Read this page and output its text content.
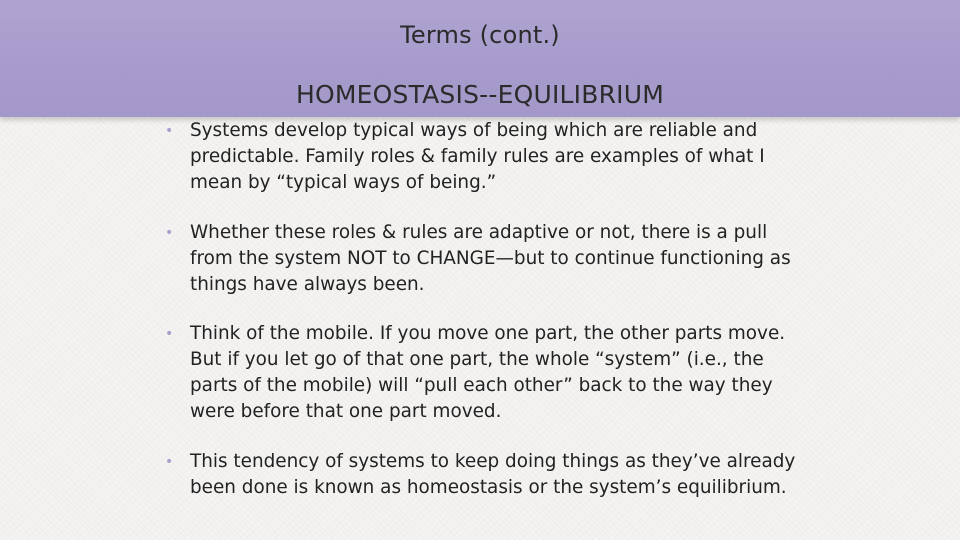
Terms (cont.)
HOMEOSTASIS--EQUILIBRIUM
• Systems develop typical ways of being which are reliable and predictable. Family roles & family rules are examples of what I mean by “typical ways of being.”
• Whether these roles & rules are adaptive or not, there is a pull from the system NOT to CHANGE—but to continue functioning as things have always been.
• Think of the mobile. If you move one part, the other parts move. But if you let go of that one part, the whole “system” (i.e., the parts of the mobile) will “pull each other” back to the way they were before that one part moved.
• This tendency of systems to keep doing things as they’ve already been done is known as homeostasis or the system’s equilibrium.
